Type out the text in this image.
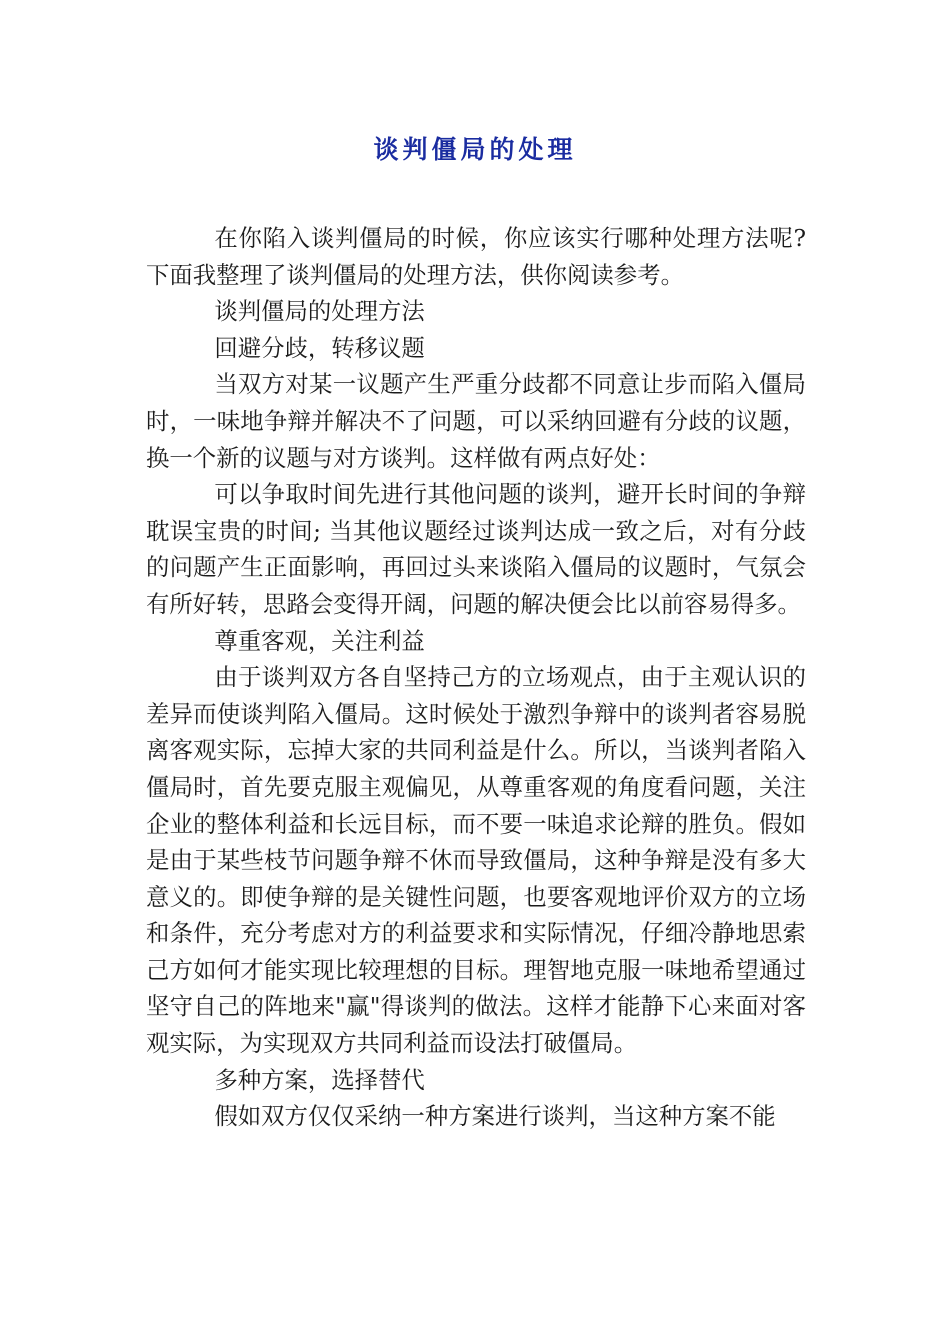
谈判僵局的处理

在你陷入谈判僵局的时候，你应该实行哪种处理方法呢?下面我整理了谈判僵局的处理方法，供你阅读参考。

谈判僵局的处理方法

回避分歧，转移议题

当双方对某一议题产生严重分歧都不同意让步而陷入僵局时，一味地争辩并解决不了问题，可以采纳回避有分歧的议题，换一个新的议题与对方谈判。这样做有两点好处：

可以争取时间先进行其他问题的谈判，避开长时间的争辩耽误宝贵的时间; 当其他议题经过谈判达成一致之后，对有分歧的问题产生正面影响，再回过头来谈陷入僵局的议题时，气氛会有所好转，思路会变得开阔，问题的解决便会比以前容易得多。

尊重客观，关注利益

由于谈判双方各自坚持己方的立场观点，由于主观认识的差异而使谈判陷入僵局。这时候处于激烈争辩中的谈判者容易脱离客观实际，忘掉大家的共同利益是什么。所以，当谈判者陷入僵局时，首先要克服主观偏见，从尊重客观的角度看问题，关注企业的整体利益和长远目标，而不要一味追求论辩的胜负。假如是由于某些枝节问题争辩不休而导致僵局，这种争辩是没有多大意义的。即使争辩的是关键性问题，也要客观地评价双方的立场和条件，充分考虑对方的利益要求和实际情况，仔细冷静地思索己方如何才能实现比较理想的目标。理智地克服一味地希望通过坚守自己的阵地来"赢"得谈判的做法。这样才能静下心来面对客观实际，为实现双方共同利益而设法打破僵局。

多种方案，选择替代

假如双方仅仅采纳一种方案进行谈判，当这种方案不能
